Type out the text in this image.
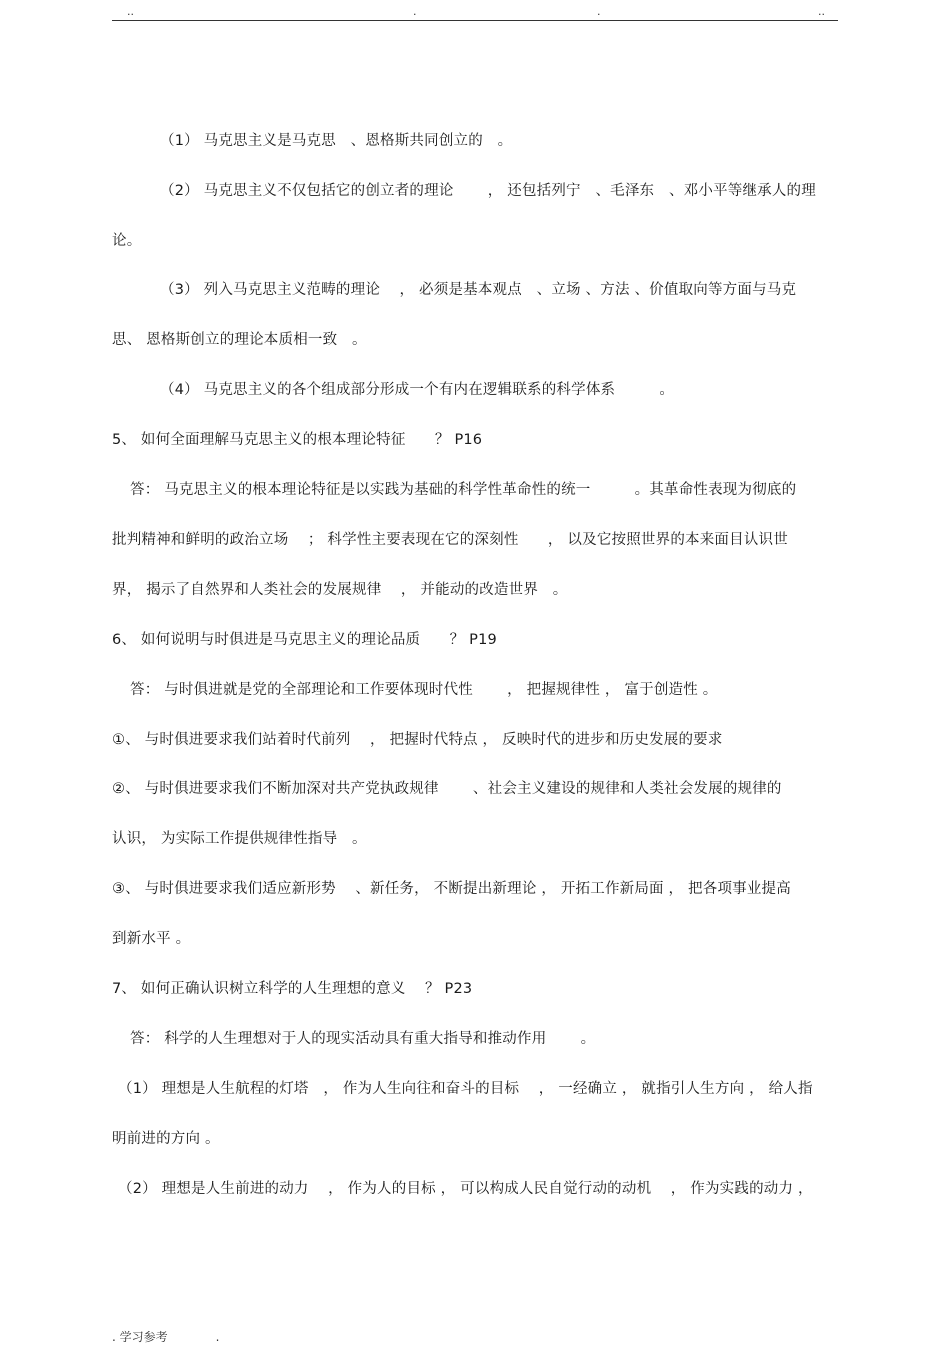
..	.	.	..
（1） 马克思主义是马克思　、恩格斯共同创立的　。
（2） 马克思主义不仅包括它的创立者的理论　　 ， 还包括列宁　、毛泽东　、邓小平等继承人的理
论。
（3） 列入马克思主义范畴的理论　 ， 必须是基本观点　、立场 、方法 、价值取向等方面与马克
思、 恩格斯创立的理论本质相一致　。
（4） 马克思主义的各个组成部分形成一个有内在逻辑联系的科学体系　　　。
5、 如何全面理解马克思主义的根本理论特征　　？ P16
答： 马克思主义的根本理论特征是以实践为基础的科学性革命性的统一　　　。其革命性表现为彻底的
批判精神和鲜明的政治立场　 ； 科学性主要表现在它的深刻性　　， 以及它按照世界的本来面目认识世
界， 揭示了自然界和人类社会的发展规律　 ， 并能动的改造世界　。
6、 如何说明与时俱进是马克思主义的理论品质　　？ P19
答： 与时俱进就是党的全部理论和工作要体现时代性　　 ， 把握规律性 ， 富于创造性 。
①、 与时俱进要求我们站着时代前列　 ， 把握时代特点 ， 反映时代的进步和历史发展的要求
②、 与时俱进要求我们不断加深对共产党执政规律　　 、社会主义建设的规律和人类社会发展的规律的
认识， 为实际工作提供规律性指导　。
③、 与时俱进要求我们适应新形势　 、新任务， 不断提出新理论 ， 开拓工作新局面 ， 把各项事业提高
到新水平 。
7、 如何正确认识树立科学的人生理想的意义　 ？ P23
答： 科学的人生理想对于人的现实活动具有重大指导和推动作用　　 。
（1） 理想是人生航程的灯塔　， 作为人生向往和奋斗的目标　 ， 一经确立 ， 就指引人生方向 ， 给人指
明前进的方向 。
（2） 理想是人生前进的动力　 ， 作为人的目标 ， 可以构成人民自觉行动的动机　 ， 作为实践的动力 ，
. 学习参考　　　　.
